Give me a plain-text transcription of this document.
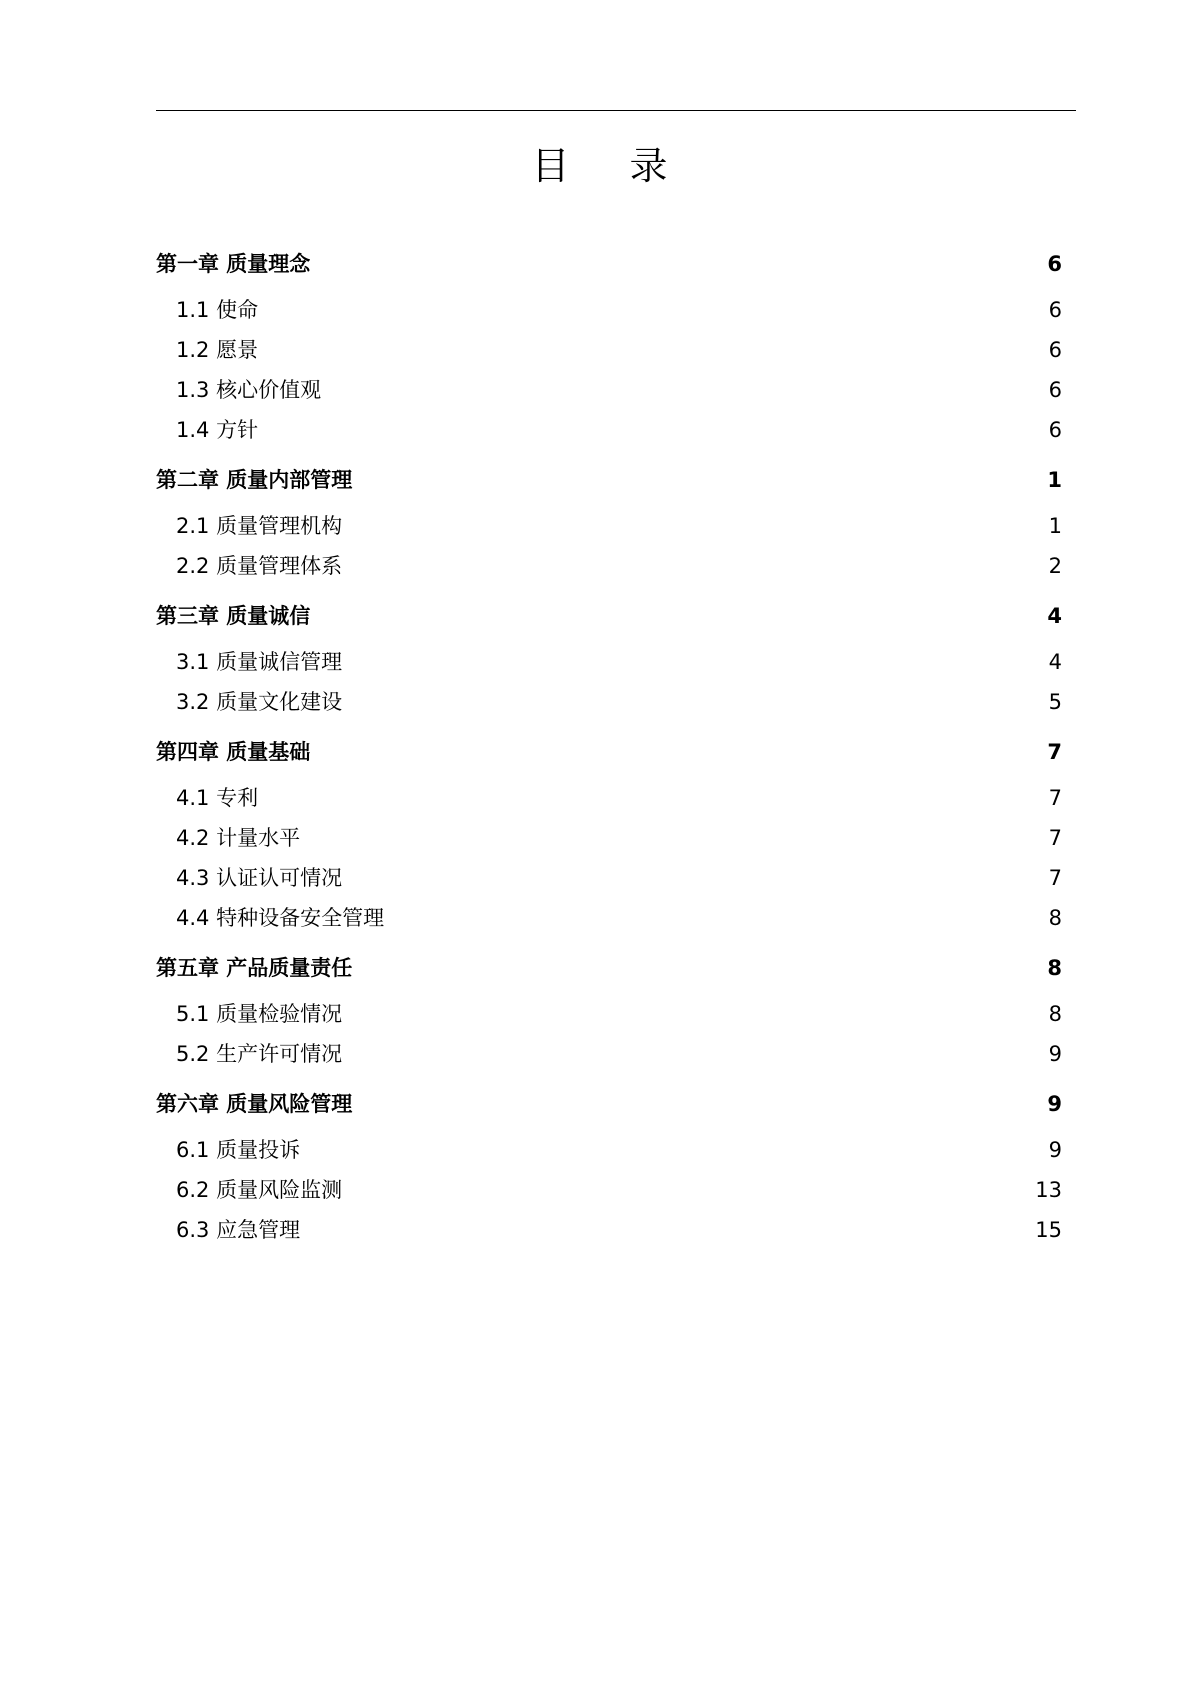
目 录
第一章 质量理念 .....	6
1.1 使命 .....	6
1.2 愿景 .....	6
1.3 核心价值观 .....	6
1.4 方针 .....	6
第二章 质量内部管理 .....	1
2.1 质量管理机构 .....	1
2.2 质量管理体系 .....	2
第三章 质量诚信 .....	4
3.1 质量诚信管理 .....	4
3.2 质量文化建设 .....	5
第四章 质量基础 .....	7
4.1 专利 .....	7
4.2 计量水平 .....	7
4.3 认证认可情况 .....	7
4.4 特种设备安全管理 .....	8
第五章 产品质量责任 .....	8
5.1 质量检验情况 .....	8
5.2 生产许可情况 .....	9
第六章 质量风险管理 .....	9
6.1 质量投诉 .....	9
6.2 质量风险监测 .....	13
6.3 应急管理 .....	15
